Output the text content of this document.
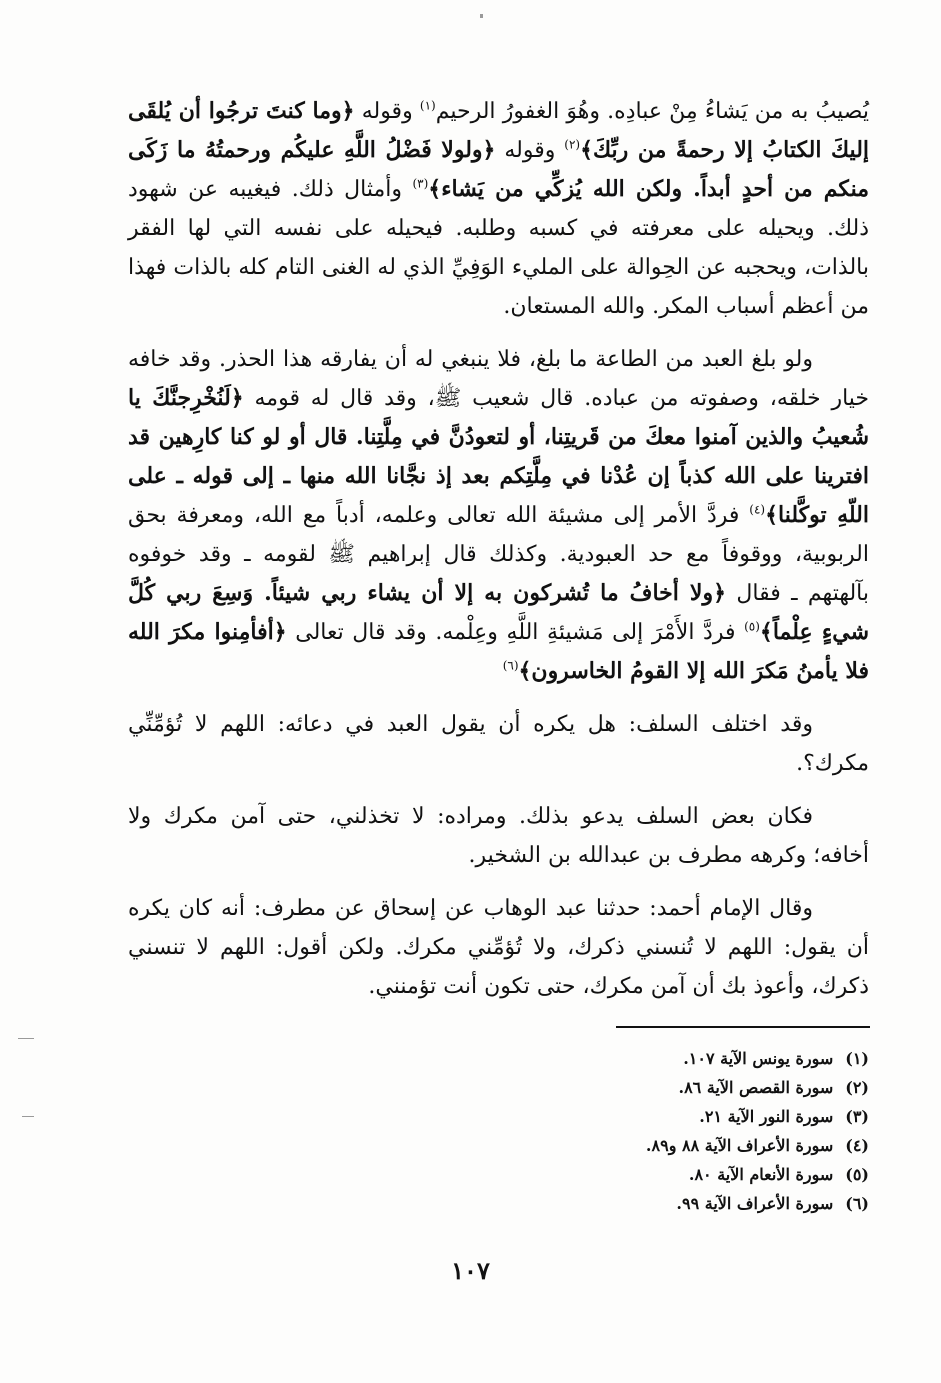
يُصيبُ به من يَشاءُ مِنْ عبادِه. وهُوَ الغفورُ الرحيم$^{(١)}$ وقوله ﴿وما كنتَ ترجُوا أن يُلقَى إليكَ الكتابُ إلا رحمةً من ربِّكَ﴾$^{(٢)}$ وقوله ﴿ولولا فَضْلُ اللَّهِ عليكُم ورحمتُهُ ما زَكَى منكم من أحدٍ أبداً. ولكن الله يُزكِّي من يَشاء﴾$^{(٣)}$ وأمثال ذلك. فيغيبه عن شهود ذلك. ويحيله على معرفته في كسبه وطلبه. فيحيله على نفسه التي لها الفقر بالذات، ويحجبه عن الحِوالة على المليء الوَفِيِّ الذي له الغنى التام كله بالذات فهذا من أعظم أسباب المكر. والله المستعان.

ولو بلغ العبد من الطاعة ما بلغ، فلا ينبغي له أن يفارقه هذا الحذر. وقد خافه خيار خلقه، وصفوته من عباده. قال شعيب ﷺ، وقد قال له قومه ﴿لَنُخْرِجنَّكَ يا شُعيبُ والذين آمنوا معكَ من قَريتِنا، أو لتعودُنَّ في مِلَّتِنا. قال أو لو كنا كارِهين قد افترينا على الله كذباً إن عُدْنا في مِلَّتِكم بعد إذ نجَّانا الله منها ـ إلى قوله ـ على اللّهِ توكَّلنا﴾$^{(٤)}$ فردَّ الأمر إلى مشيئة الله تعالى وعلمه، أدباً مع الله، ومعرفة بحق الربوبية، ووقوفاً مع حد العبودية. وكذلك قال إبراهيم ﷺ لقومه ـ وقد خوفوه بآلهتهم ـ فقال ﴿ولا أخافُ ما تُشركون به إلا أن يشاء ربي شيئاً. وَسِعَ ربي كُلَّ شيءٍ عِلْماً﴾$^{(٥)}$ فردَّ الأَمْرَ إلى مَشيئةِ اللَّهِ وعِلْمه. وقد قال تعالى ﴿أفأمِنوا مكرَ الله فلا يأمنُ مَكرَ الله إلا القومُ الخاسرون﴾$^{(٦)}$

وقد اختلف السلف: هل يكره أن يقول العبد في دعائه: اللهم لا تُؤمِّنِّي مكرك؟.

فكان بعض السلف يدعو بذلك. ومراده: لا تخذلني، حتى آمن مكرك ولا أخافه؛ وكرهه مطرف بن عبدالله بن الشخير.

وقال الإمام أحمد: حدثنا عبد الوهاب عن إسحاق عن مطرف: أنه كان يكره أن يقول: اللهم لا تُنسني ذكرك، ولا تُؤمِّني مكرك. ولكن أقول: اللهم لا تنسني ذكرك، وأعوذ بك أن آمن مكرك، حتى تكون أنت تؤمنني.

(١)سورة يونس الآية ١٠٧.

(٢)سورة القصص الآية ٨٦.

(٣)سورة النور الآية ٢١.

(٤)سورة الأعراف الآية ٨٨ و٨٩.

(٥)سورة الأنعام الآية ٨٠.

(٦)سورة الأعراف الآية ٩٩.

١٠٧
